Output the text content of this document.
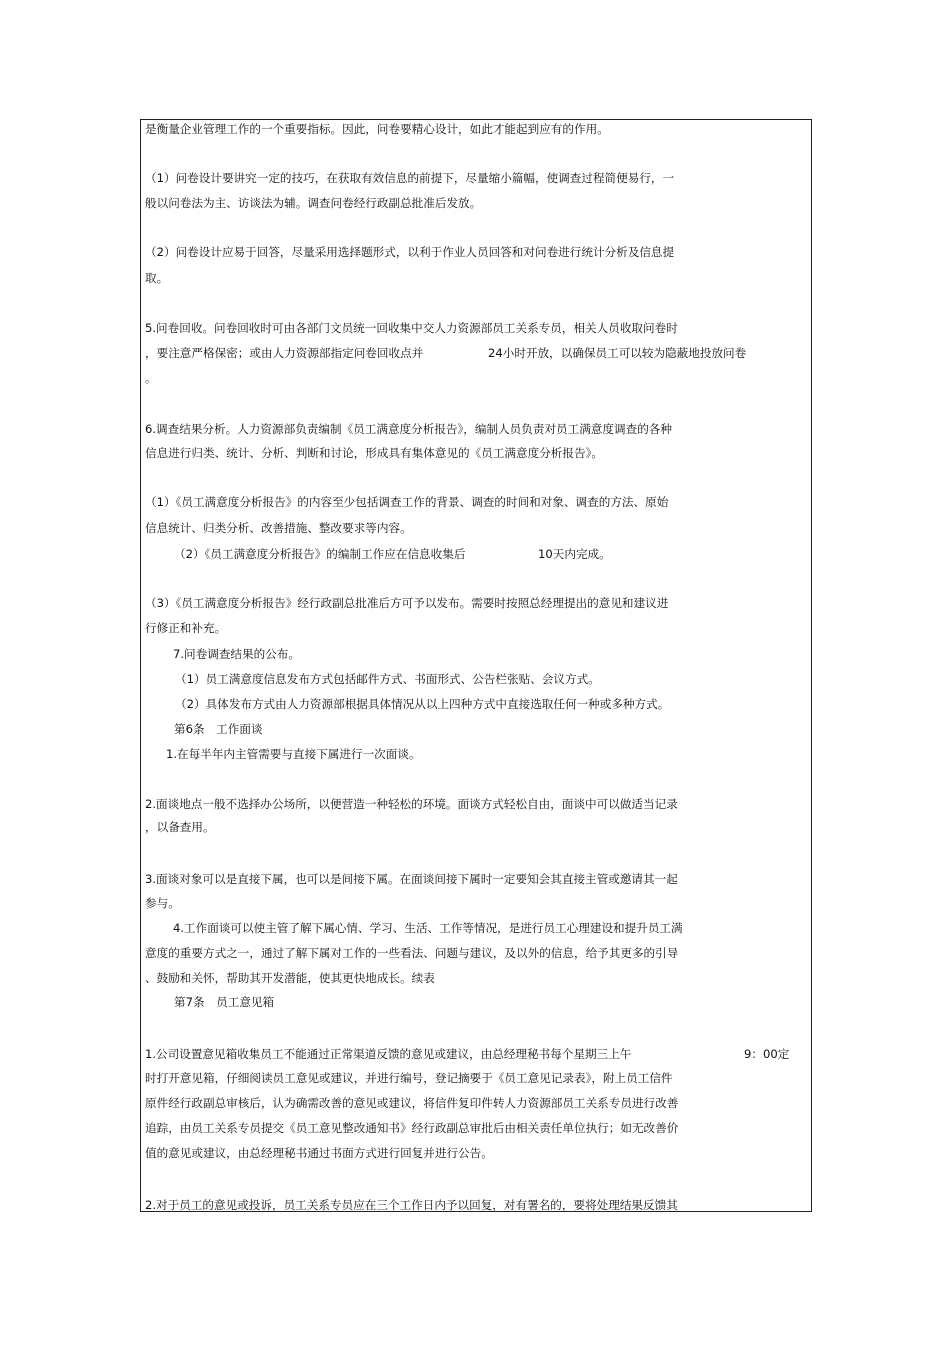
是衡量企业管理工作的一个重要指标。因此，问卷要精心设计，如此才能起到应有的作用。
（1）问卷设计要讲究一定的技巧，在获取有效信息的前提下，尽量缩小篇幅，使调查过程简便易行，一
般以问卷法为主、访谈法为辅。调查问卷经行政副总批准后发放。
（2）问卷设计应易于回答，尽量采用选择题形式，以利于作业人员回答和对问卷进行统计分析及信息提
取。
5.问卷回收。问卷回收时可由各部门文员统一回收集中交人力资源部员工关系专员，相关人员收取问卷时
，要注意严格保密；或由人力资源部指定问卷回收点并	24小时开放，以确保员工可以较为隐蔽地投放问卷
。
6.调查结果分析。人力资源部负责编制《员工满意度分析报告》，编制人员负责对员工满意度调查的各种
信息进行归类、统计、分析、判断和讨论，形成具有集体意见的《员工满意度分析报告》。
（1）《员工满意度分析报告》的内容至少包括调查工作的背景、调查的时间和对象、调查的方法、原始
信息统计、归类分析、改善措施、整改要求等内容。
（2）《员工满意度分析报告》的编制工作应在信息收集后	10天内完成。
（3）《员工满意度分析报告》经行政副总批准后方可予以发布。需要时按照总经理提出的意见和建议进
行修正和补充。
7.问卷调查结果的公布。
（1）员工满意度信息发布方式包括邮件方式、书面形式、公告栏张贴、会议方式。
（2）具体发布方式由人力资源部根据具体情况从以上四种方式中直接选取任何一种或多种方式。
第6条　工作面谈
1.在每半年内主管需要与直接下属进行一次面谈。
2.面谈地点一般不选择办公场所，以便营造一种轻松的环境。面谈方式轻松自由，面谈中可以做适当记录
，以备查用。
3.面谈对象可以是直接下属，也可以是间接下属。在面谈间接下属时一定要知会其直接主管或邀请其一起
参与。
4.工作面谈可以使主管了解下属心情、学习、生活、工作等情况，是进行员工心理建设和提升员工满
意度的重要方式之一，通过了解下属对工作的一些看法、问题与建议，及以外的信息，给予其更多的引导
、鼓励和关怀，帮助其开发潜能，使其更快地成长。续表
第7条　员工意见箱
1.公司设置意见箱收集员工不能通过正常渠道反馈的意见或建议，由总经理秘书每个星期三上午	9：00定
时打开意见箱，仔细阅读员工意见或建议，并进行编号，登记摘要于《员工意见记录表》，附上员工信件
原件经行政副总审核后，认为确需改善的意见或建议，将信件复印件转人力资源部员工关系专员进行改善
追踪，由员工关系专员提交《员工意见整改通知书》经行政副总审批后由相关责任单位执行；如无改善价
值的意见或建议，由总经理秘书通过书面方式进行回复并进行公告。
2.对于员工的意见或投诉，员工关系专员应在三个工作日内予以回复，对有署名的，要将处理结果反馈其
